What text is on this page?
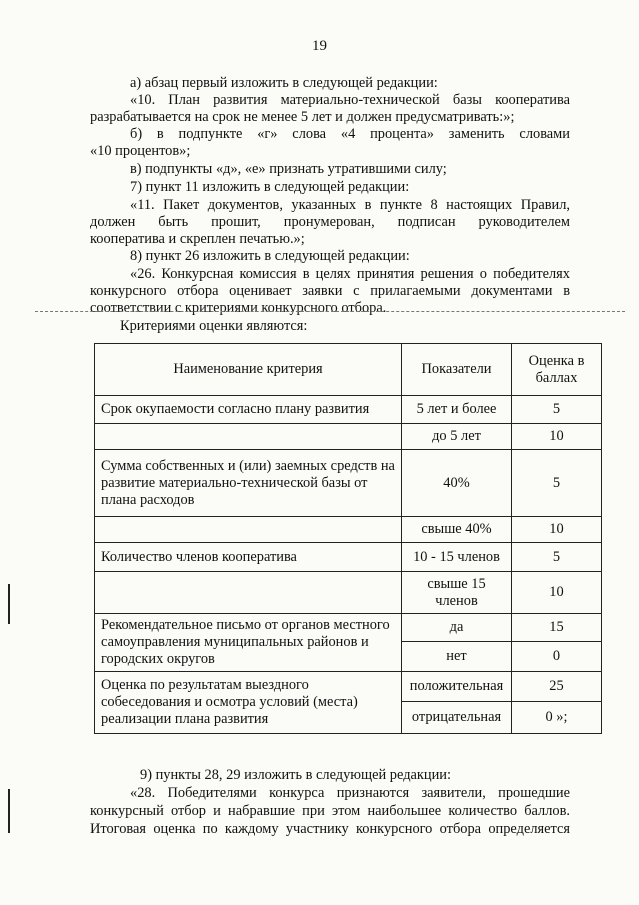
19
а) абзац первый изложить в следующей редакции:
«10. План развития материально-технической базы кооператива
разрабатывается на срок не менее 5 лет и должен предусматривать:»;
б) в подпункте «г» слова «4 процента» заменить словами
«10 процентов»;
в) подпункты «д», «е» признать утратившими силу;
7) пункт 11 изложить в следующей редакции:
«11. Пакет документов, указанных в пункте 8 настоящих Правил,
должен быть прошит, пронумерован, подписан руководителем
кооператива и скреплен печатью.»;
8) пункт 26 изложить в следующей редакции:
«26. Конкурсная комиссия в целях принятия решения о победителях
конкурсного отбора оценивает заявки с прилагаемыми документами в
соответствии с критериями конкурсного отбора.
Критериями оценки являются:
Наименование критерия	Показатели	Оценка в баллах
Срок окупаемости согласно плану развития	5 лет и более	5
	до 5 лет	10
Сумма собственных и (или) заемных средств на развитие материально-технической базы от плана расходов	40%	5
	свыше 40%	10
Количество членов кооператива	10 - 15 членов	5
	свыше 15 членов	10
Рекомендательное письмо от органов местного самоуправления муниципальных районов и городских округов	да	15
	нет	0
Оценка по результатам выездного собеседования и осмотра условий (места) реализации плана развития	положительная	25
	отрицательная	0 »;
9) пункты 28, 29 изложить в следующей редакции:
«28. Победителями конкурса признаются заявители, прошедшие
конкурсный отбор и набравшие при этом наибольшее количество баллов.
Итоговая оценка по каждому участнику конкурсного отбора определяется
